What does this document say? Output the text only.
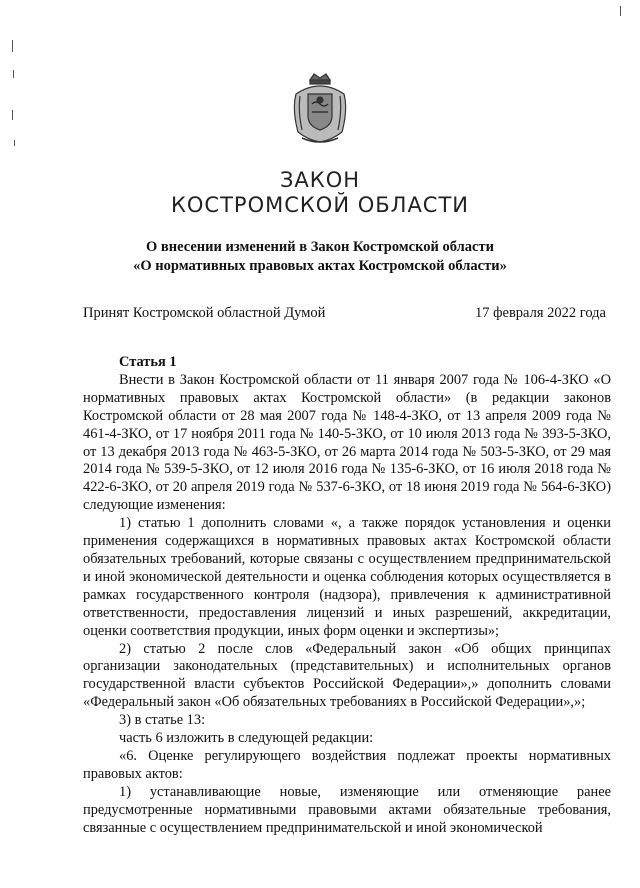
ЗАКОН
КОСТРОМСКОЙ ОБЛАСТИ
О внесении изменений в Закон Костромской области
«О нормативных правовых актах Костромской области»
Принят Костромской областной Думой	17 февраля 2022 года

Статья 1

Внести в Закон Костромской области от 11 января 2007 года № 106-4-ЗКО «О нормативных правовых актах Костромской области» (в редакции законов Костромской области от 28 мая 2007 года № 148-4-ЗКО, от 13 апреля 2009 года № 461-4-ЗКО, от 17 ноября 2011 года № 140-5-ЗКО, от 10 июля 2013 года № 393-5-ЗКО, от 13 декабря 2013 года № 463-5-ЗКО, от 26 марта 2014 года № 503-5-ЗКО, от 29 мая 2014 года № 539-5-ЗКО, от 12 июля 2016 года № 135-6-ЗКО, от 16 июля 2018 года № 422-6-ЗКО, от 20 апреля 2019 года № 537-6-ЗКО, от 18 июня 2019 года № 564-6-ЗКО) следующие изменения:

1) статью 1 дополнить словами «, а также порядок установления и оценки применения содержащихся в нормативных правовых актах Костромской области обязательных требований, которые связаны с осуществлением предпринимательской и иной экономической деятельности и оценка соблюдения которых осуществляется в рамках государственного контроля (надзора), привлечения к административной ответственности, предоставления лицензий и иных разрешений, аккредитации, оценки соответствия продукции, иных форм оценки и экспертизы»;

2) статью 2 после слов «Федеральный закон «Об общих принципах организации законодательных (представительных) и исполнительных органов государственной власти субъектов Российской Федерации»,» дополнить словами «Федеральный закон «Об обязательных требованиях в Российской Федерации»,»;

3) в статье 13:

часть 6 изложить в следующей редакции:

«6. Оценке регулирующего воздействия подлежат проекты нормативных правовых актов:

1) устанавливающие новые, изменяющие или отменяющие ранее предусмотренные нормативными правовыми актами обязательные требования, связанные с осуществлением предпринимательской и иной экономической
